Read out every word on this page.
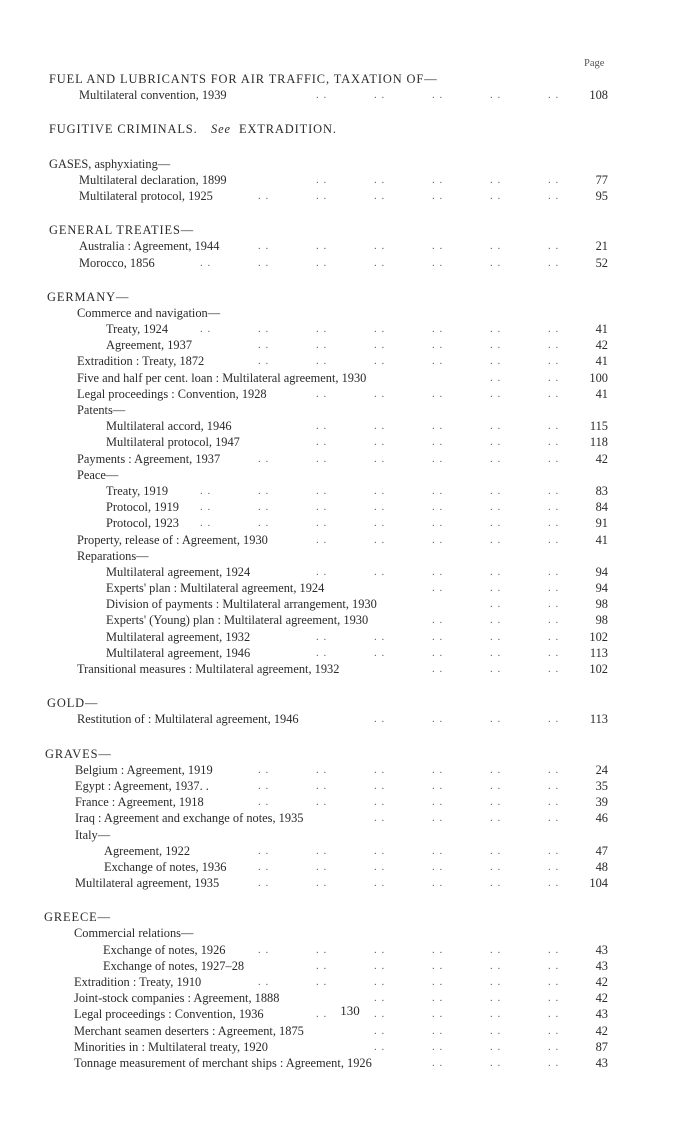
Page
FUEL AND LUBRICANTS FOR AIR TRAFFIC, TAXATION OF—
Multilateral convention, 1939	. .	. .	. .	. .	. . 108
FUGITIVE CRIMINALS. See EXTRADITION.
GASES, asphyxiating—
Multilateral declaration, 1899	. .	. .	. .	. .	. .	77
Multilateral protocol, 1925	. .	. .	. .	. .	. .	. .	95
GENERAL TREATIES—
Australia : Agreement, 1944	. .	. .	. .	. .	. .	. .	21
Morocco, 1856	. .	. .	. .	. .	. .	. .	. .	52
GERMANY—
Commerce and navigation—
Treaty, 1924	. .	. .	. .	. .	. .	. .	. .	41
Agreement, 1937	. .	. .	. .	. .	. .	. .	42
Extradition : Treaty, 1872	. .	. .	. .	. .	. .	. .	41
Five and half per cent. loan : Multilateral agreement, 1930	. .	. . 100
Legal proceedings : Convention, 1928	. .	. .	. .	. .	. .	41
Patents—
Multilateral accord, 1946	. .	. .	. .	. .	. . 115
Multilateral protocol, 1947	. .	. .	. .	. .	. . 118
Payments : Agreement, 1937	. .	. .	. .	. .	. .	. .	42
Peace—
Treaty, 1919	. .	. .	. .	. .	. .	. .	. .	83
Protocol, 1919 . .	. .	. .	. .	. .	. .	. .	84
Protocol, 1923 . .	. .	. .	. .	. .	. .	. .	91
Property, release of : Agreement, 1930	. .	. .	. .	. .	. .	41
Reparations—
Multilateral agreement, 1924	. .	. .	. .	. .	. .	94
Experts' plan : Multilateral agreement, 1924	. .	. .	. .	94
Division of payments : Multilateral arrangement, 1930	. .	. .	98
Experts' (Young) plan : Multilateral agreement, 1930	. .	. .	. .	98
Multilateral agreement, 1932	. .	. .	. .	. .	. . 102
Multilateral agreement, 1946	. .	. .	. .	. .	. . 113
Transitional measures : Multilateral agreement, 1932	. .	. .	. . 102
GOLD—
Restitution of : Multilateral agreement, 1946	. .	. .	. .	. . 113
GRAVES—
Belgium : Agreement, 1919	. .	. .	. .	. .	. .	. .	24
Egypt : Agreement, 1937. .	. .	. .	. .	. .	. .	. .	35
France : Agreement, 1918	. .	. .	. .	. .	. .	. .	39
Iraq : Agreement and exchange of notes, 1935	. .	. .	. .	. .	46
Italy—
Agreement, 1922	. .	. .	. .	. .	. .	. .	47
Exchange of notes, 1936	. .	. .	. .	. .	. .	. .	48
Multilateral agreement, 1935	. .	. .	. .	. .	. .	. . 104
GREECE—
Commercial relations—
Exchange of notes, 1926	. .	. .	. .	. .	. .	. .	43
Exchange of notes, 1927–28	. .	. .	. .	. .	. .	43
Extradition : Treaty, 1910	. .	. .	. .	. .	. .	. .	42
Joint-stock companies : Agreement, 1888	. .	. .	. .	. .	42
Legal proceedings : Convention, 1936	. .	. .	. .	. .	. .	43
Merchant seamen deserters : Agreement, 1875	. .	. .	. .	. .	42
Minorities in : Multilateral treaty, 1920	. .	. .	. .	. .	87
Tonnage measurement of merchant ships : Agreement, 1926	. .	. .	. .	43
130
